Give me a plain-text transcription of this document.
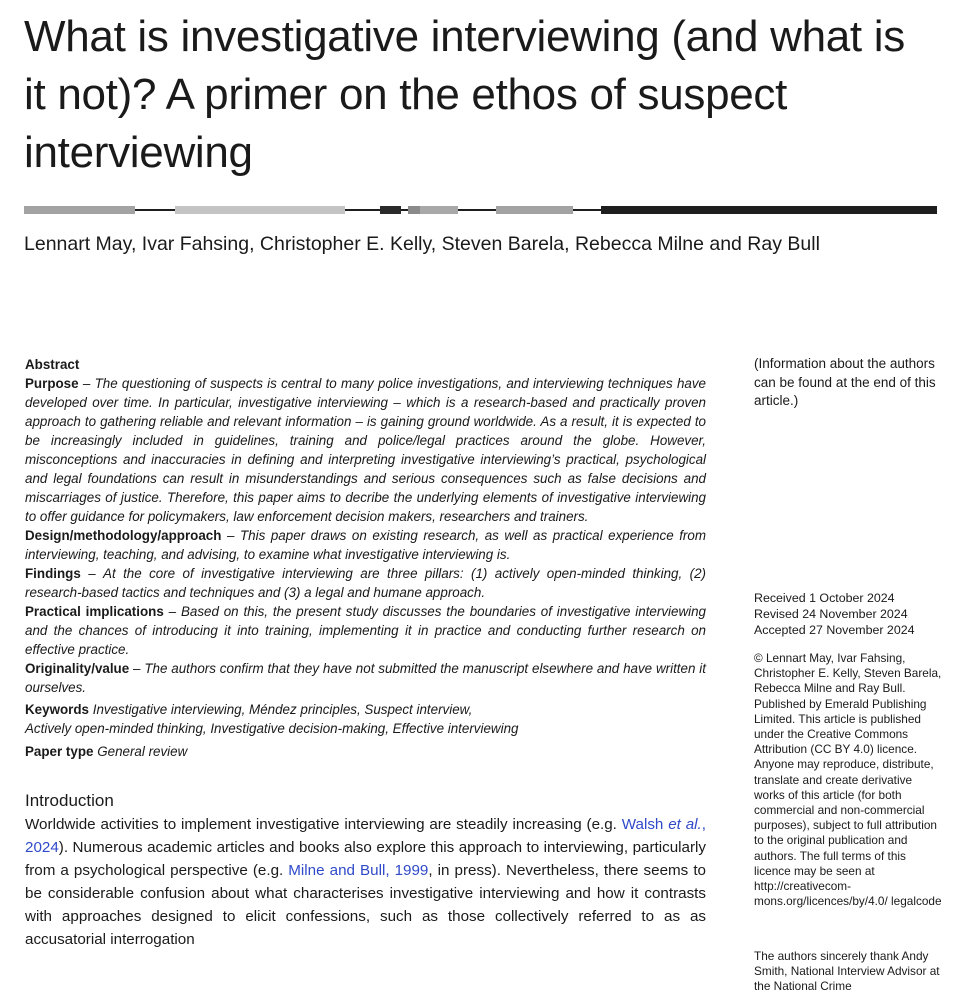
What is investigative interviewing (and what is it not)? A primer on the ethos of suspect interviewing
Lennart May, Ivar Fahsing, Christopher E. Kelly, Steven Barela, Rebecca Milne and Ray Bull

Abstract

Purpose – The questioning of suspects is central to many police investigations, and interviewing techniques have developed over time. In particular, investigative interviewing – which is a research-based and practically proven approach to gathering reliable and relevant information – is gaining ground worldwide. As a result, it is expected to be increasingly included in guidelines, training and police/legal practices around the globe. However, misconceptions and inaccuracies in defining and interpreting investigative interviewing’s practical, psychological and legal foundations can result in misunderstandings and serious consequences such as false decisions and miscarriages of justice. Therefore, this paper aims to decribe the underlying elements of investigative interviewing to offer guidance for policymakers, law enforcement decision makers, researchers and trainers.

Design/methodology/approach – This paper draws on existing research, as well as practical experience from interviewing, teaching, and advising, to examine what investigative interviewing is.

Findings – At the core of investigative interviewing are three pillars: (1) actively open-minded thinking, (2) research-based tactics and techniques and (3) a legal and humane approach.

Practical implications – Based on this, the present study discusses the boundaries of investigative interviewing and the chances of introducing it into training, implementing it in practice and conducting further research on effective practice.

Originality/value – The authors confirm that they have not submitted the manuscript elsewhere and have written it ourselves.

Keywords Investigative interviewing, Méndez principles, Suspect interview,
Actively open-minded thinking, Investigative decision-making, Effective interviewing

Paper type General review

Introduction

Worldwide activities to implement investigative interviewing are steadily increasing (e.g. Walsh et al., 2024). Numerous academic articles and books also explore this approach to interviewing, particularly from a psychological perspective (e.g. Milne and Bull, 1999, in press). Nevertheless, there seems to be considerable confusion about what characterises investigative interviewing and how it contrasts with approaches designed to elicit confessions, such as those collectively referred to as as accusatorial interrogation

(Information about the authors can be found at the end of this article.)

Received 1 October 2024
Revised 24 November 2024
Accepted 27 November 2024
© Lennart May, Ivar Fahsing, Christopher E. Kelly, Steven Barela, Rebecca Milne and Ray Bull. Published by Emerald Publishing Limited. This article is published under the Creative Commons Attribution (CC BY 4.0) licence. Anyone may reproduce, distribute, translate and create derivative works of this article (for both commercial and non-commercial purposes), subject to full attribution to the original publication and authors. The full terms of this licence may be seen at http://creativecom-mons.org/licences/by/4.0/ legalcode
The authors sincerely thank Andy Smith, National Interview Advisor at the National Crime
